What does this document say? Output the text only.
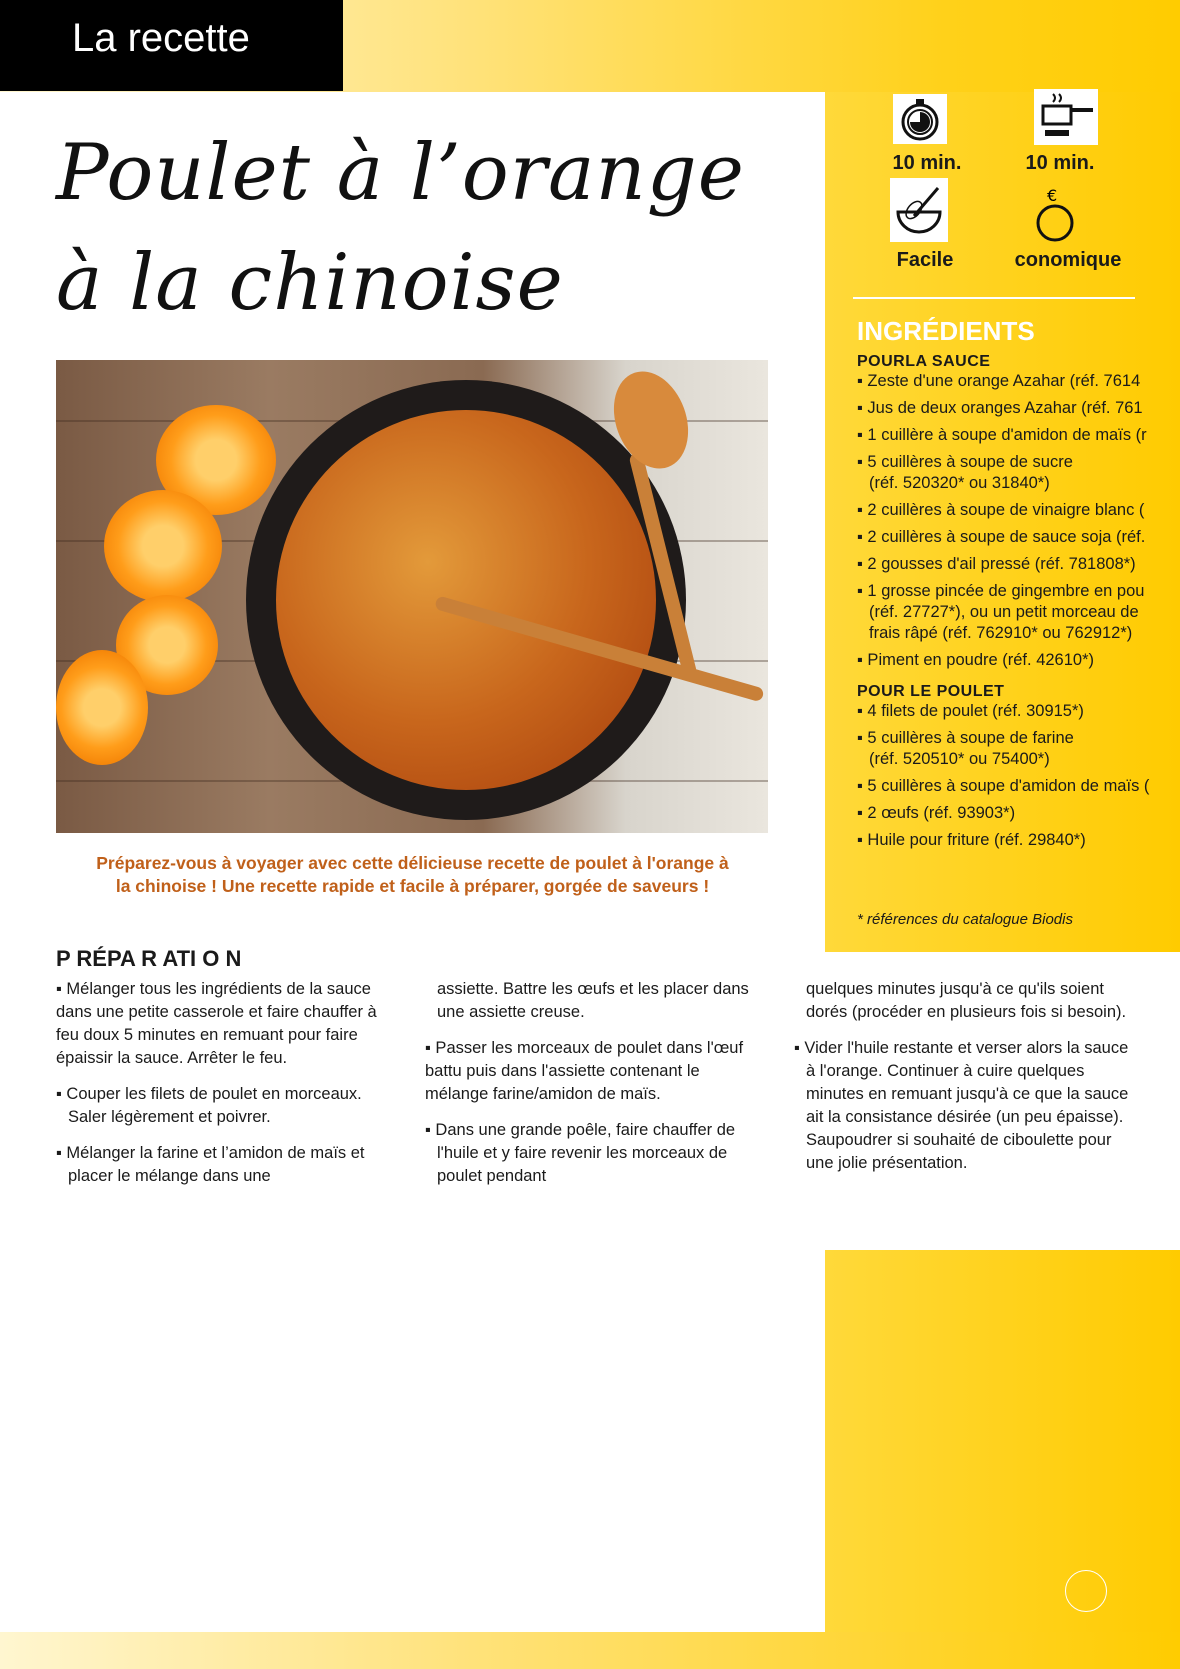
La recette
Poulet à l’orange
à la chinoise
Préparez-vous à voyager avec cette délicieuse recette de poulet à l'orange à la chinoise ! Une recette rapide et facile à préparer, gorgée de saveurs !
P RÉPA R ATI O N

▪ Mélanger tous les ingrédients de la sauce dans une petite casserole et faire chauffer à feu doux 5 minutes en remuant pour faire épaissir la sauce. Arrêter le feu.

▪ Couper les filets de poulet en morceaux. Saler légèrement et poivrer.

▪ Mélanger la farine et l’amidon de maïs et placer le mélange dans une

assiette. Battre les œufs et les placer dans une assiette creuse.

▪ Passer les morceaux de poulet dans l'œuf battu puis dans l'assiette contenant le mélange farine/amidon de maïs.

▪ Dans une grande poêle, faire chauffer de l'huile et y faire revenir les morceaux de poulet pendant

quelques minutes jusqu'à ce qu'ils soient dorés (procéder en plusieurs fois si besoin).

▪ Vider l'huile restante et verser alors la sauce à l'orange. Continuer à cuire quelques minutes en remuant jusqu'à ce que la sauce ait la consistance désirée (un peu épaisse). Saupoudrer si souhaité de ciboulette pour une jolie présentation.

10 min.	10 min.
€
Facile	conomique
INGRÉDIENTS
POURLA SAUCE
▪ Zeste d'une orange Azahar (réf. 7614
▪ Jus de deux oranges Azahar (réf. 761
▪ 1 cuillère à soupe d'amidon de maïs (r
▪ 5 cuillères à soupe de sucre
(réf. 520320* ou 31840*)
▪ 2 cuillères à soupe de vinaigre blanc (
▪ 2 cuillères à soupe de sauce soja (réf.
▪ 2 gousses d'ail pressé (réf. 781808*)
▪ 1 grosse pincée de gingembre en pou
(réf. 27727*), ou un petit morceau de
frais râpé (réf. 762910* ou 762912*)
▪ Piment en poudre (réf. 42610*)
POUR LE POULET
▪ 4 filets de poulet (réf. 30915*)
▪ 5 cuillères à soupe de farine
(réf. 520510* ou 75400*)
▪ 5 cuillères à soupe d'amidon de maïs (
▪ 2 œufs (réf. 93903*)
▪ Huile pour friture (réf. 29840*)
* références du catalogue Biodis
